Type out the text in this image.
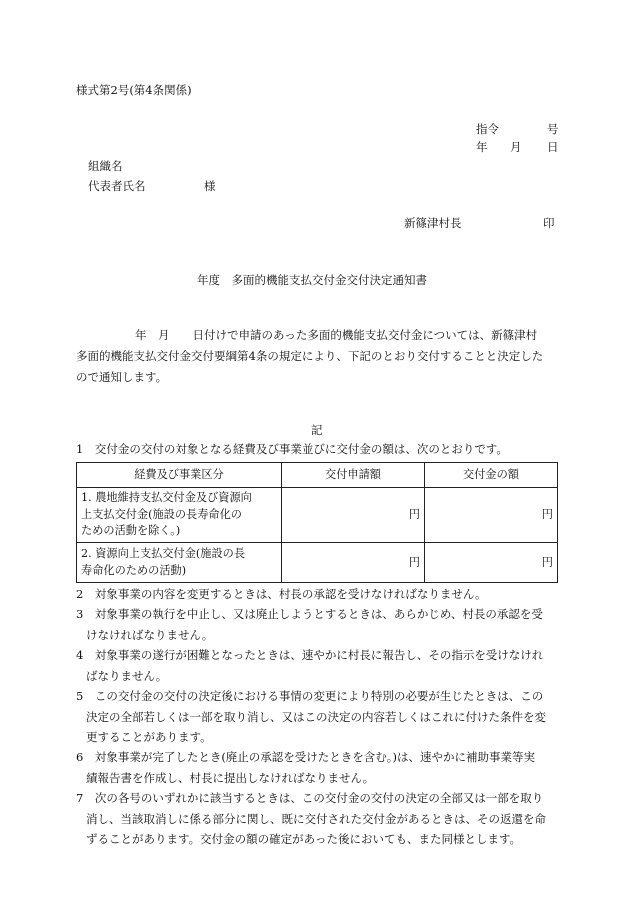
様式第2号(第4条関係)
指令	号
年 月 日
組織名
代表者氏名	様
新篠津村長	印
年度　多面的機能支払交付金交付決定通知書
年　月　　日付けで申請のあった多面的機能支払交付金については、新篠津村
多面的機能支払交付金交付要綱第4条の規定により、下記のとおり交付することと決定した
ので通知します。
記
1　交付金の交付の対象となる経費及び事業並びに交付金の額は、次のとおりです。
経費及び事業区分	交付申請額	交付金の額

1. 農地維持支払交付金及び資源向
上支払交付金(施設の長寿命化の
ための活動を除く。)	円	円

2. 資源向上支払交付金(施設の長
寿命化のための活動)	円	円
2　対象事業の内容を変更するときは、村長の承認を受けなければなりません。
3　対象事業の執行を中止し、又は廃止しようとするときは、あらかじめ、村長の承認を受
けなければなりません。
4　対象事業の遂行が困難となったときは、速やかに村長に報告し、その指示を受けなけれ
ばなりません。
5　この交付金の交付の決定後における事情の変更により特別の必要が生じたときは、この
決定の全部若しくは一部を取り消し、又はこの決定の内容若しくはこれに付けた条件を変
更することがあります。
6　対象事業が完了したとき(廃止の承認を受けたときを含む。)は、速やかに補助事業等実
績報告書を作成し、村長に提出しなければなりません。
7　次の各号のいずれかに該当するときは、この交付金の交付の決定の全部又は一部を取り
消し、当該取消しに係る部分に関し、既に交付された交付金があるときは、その返還を命
ずることがあります。交付金の額の確定があった後においても、また同様とします。
